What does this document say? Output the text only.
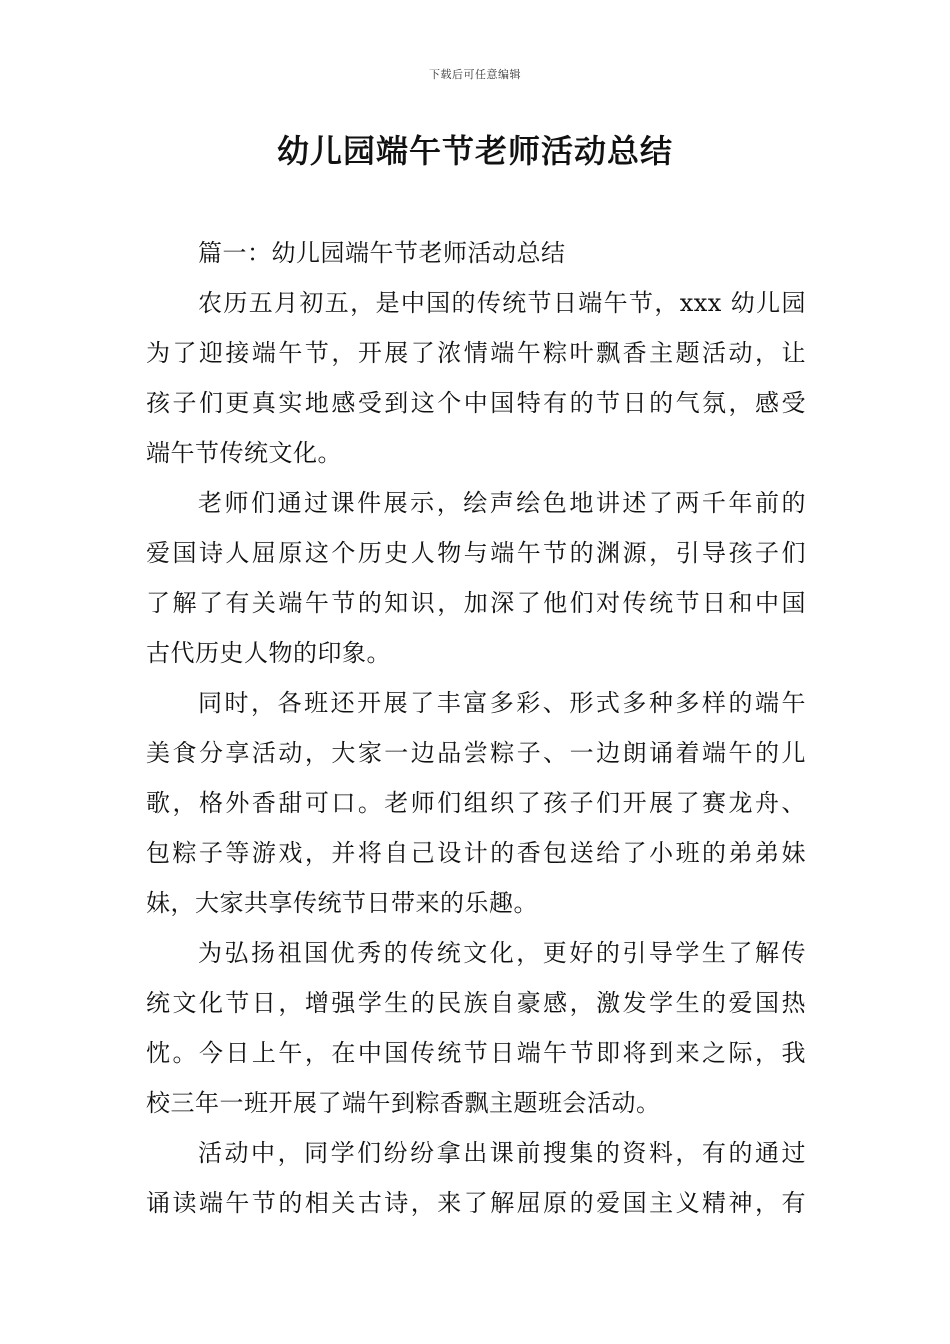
下载后可任意编辑
幼儿园端午节老师活动总结
篇一：幼儿园端午节老师活动总结
农历五月初五，是中国的传统节日端午节，xxx 幼儿园
为了迎接端午节，开展了浓情端午粽叶飘香主题活动，让
孩子们更真实地感受到这个中国特有的节日的气氛，感受
端午节传统文化。
老师们通过课件展示，绘声绘色地讲述了两千年前的
爱国诗人屈原这个历史人物与端午节的渊源，引导孩子们
了解了有关端午节的知识，加深了他们对传统节日和中国
古代历史人物的印象。
同时，各班还开展了丰富多彩、形式多种多样的端午
美食分享活动，大家一边品尝粽子、一边朗诵着端午的儿
歌，格外香甜可口。老师们组织了孩子们开展了赛龙舟、
包粽子等游戏，并将自己设计的香包送给了小班的弟弟妹
妹，大家共享传统节日带来的乐趣。
为弘扬祖国优秀的传统文化，更好的引导学生了解传
统文化节日，增强学生的民族自豪感，激发学生的爱国热
忱。今日上午，在中国传统节日端午节即将到来之际，我
校三年一班开展了端午到粽香飘主题班会活动。
活动中，同学们纷纷拿出课前搜集的资料，有的通过
诵读端午节的相关古诗，来了解屈原的爱国主义精神，有
